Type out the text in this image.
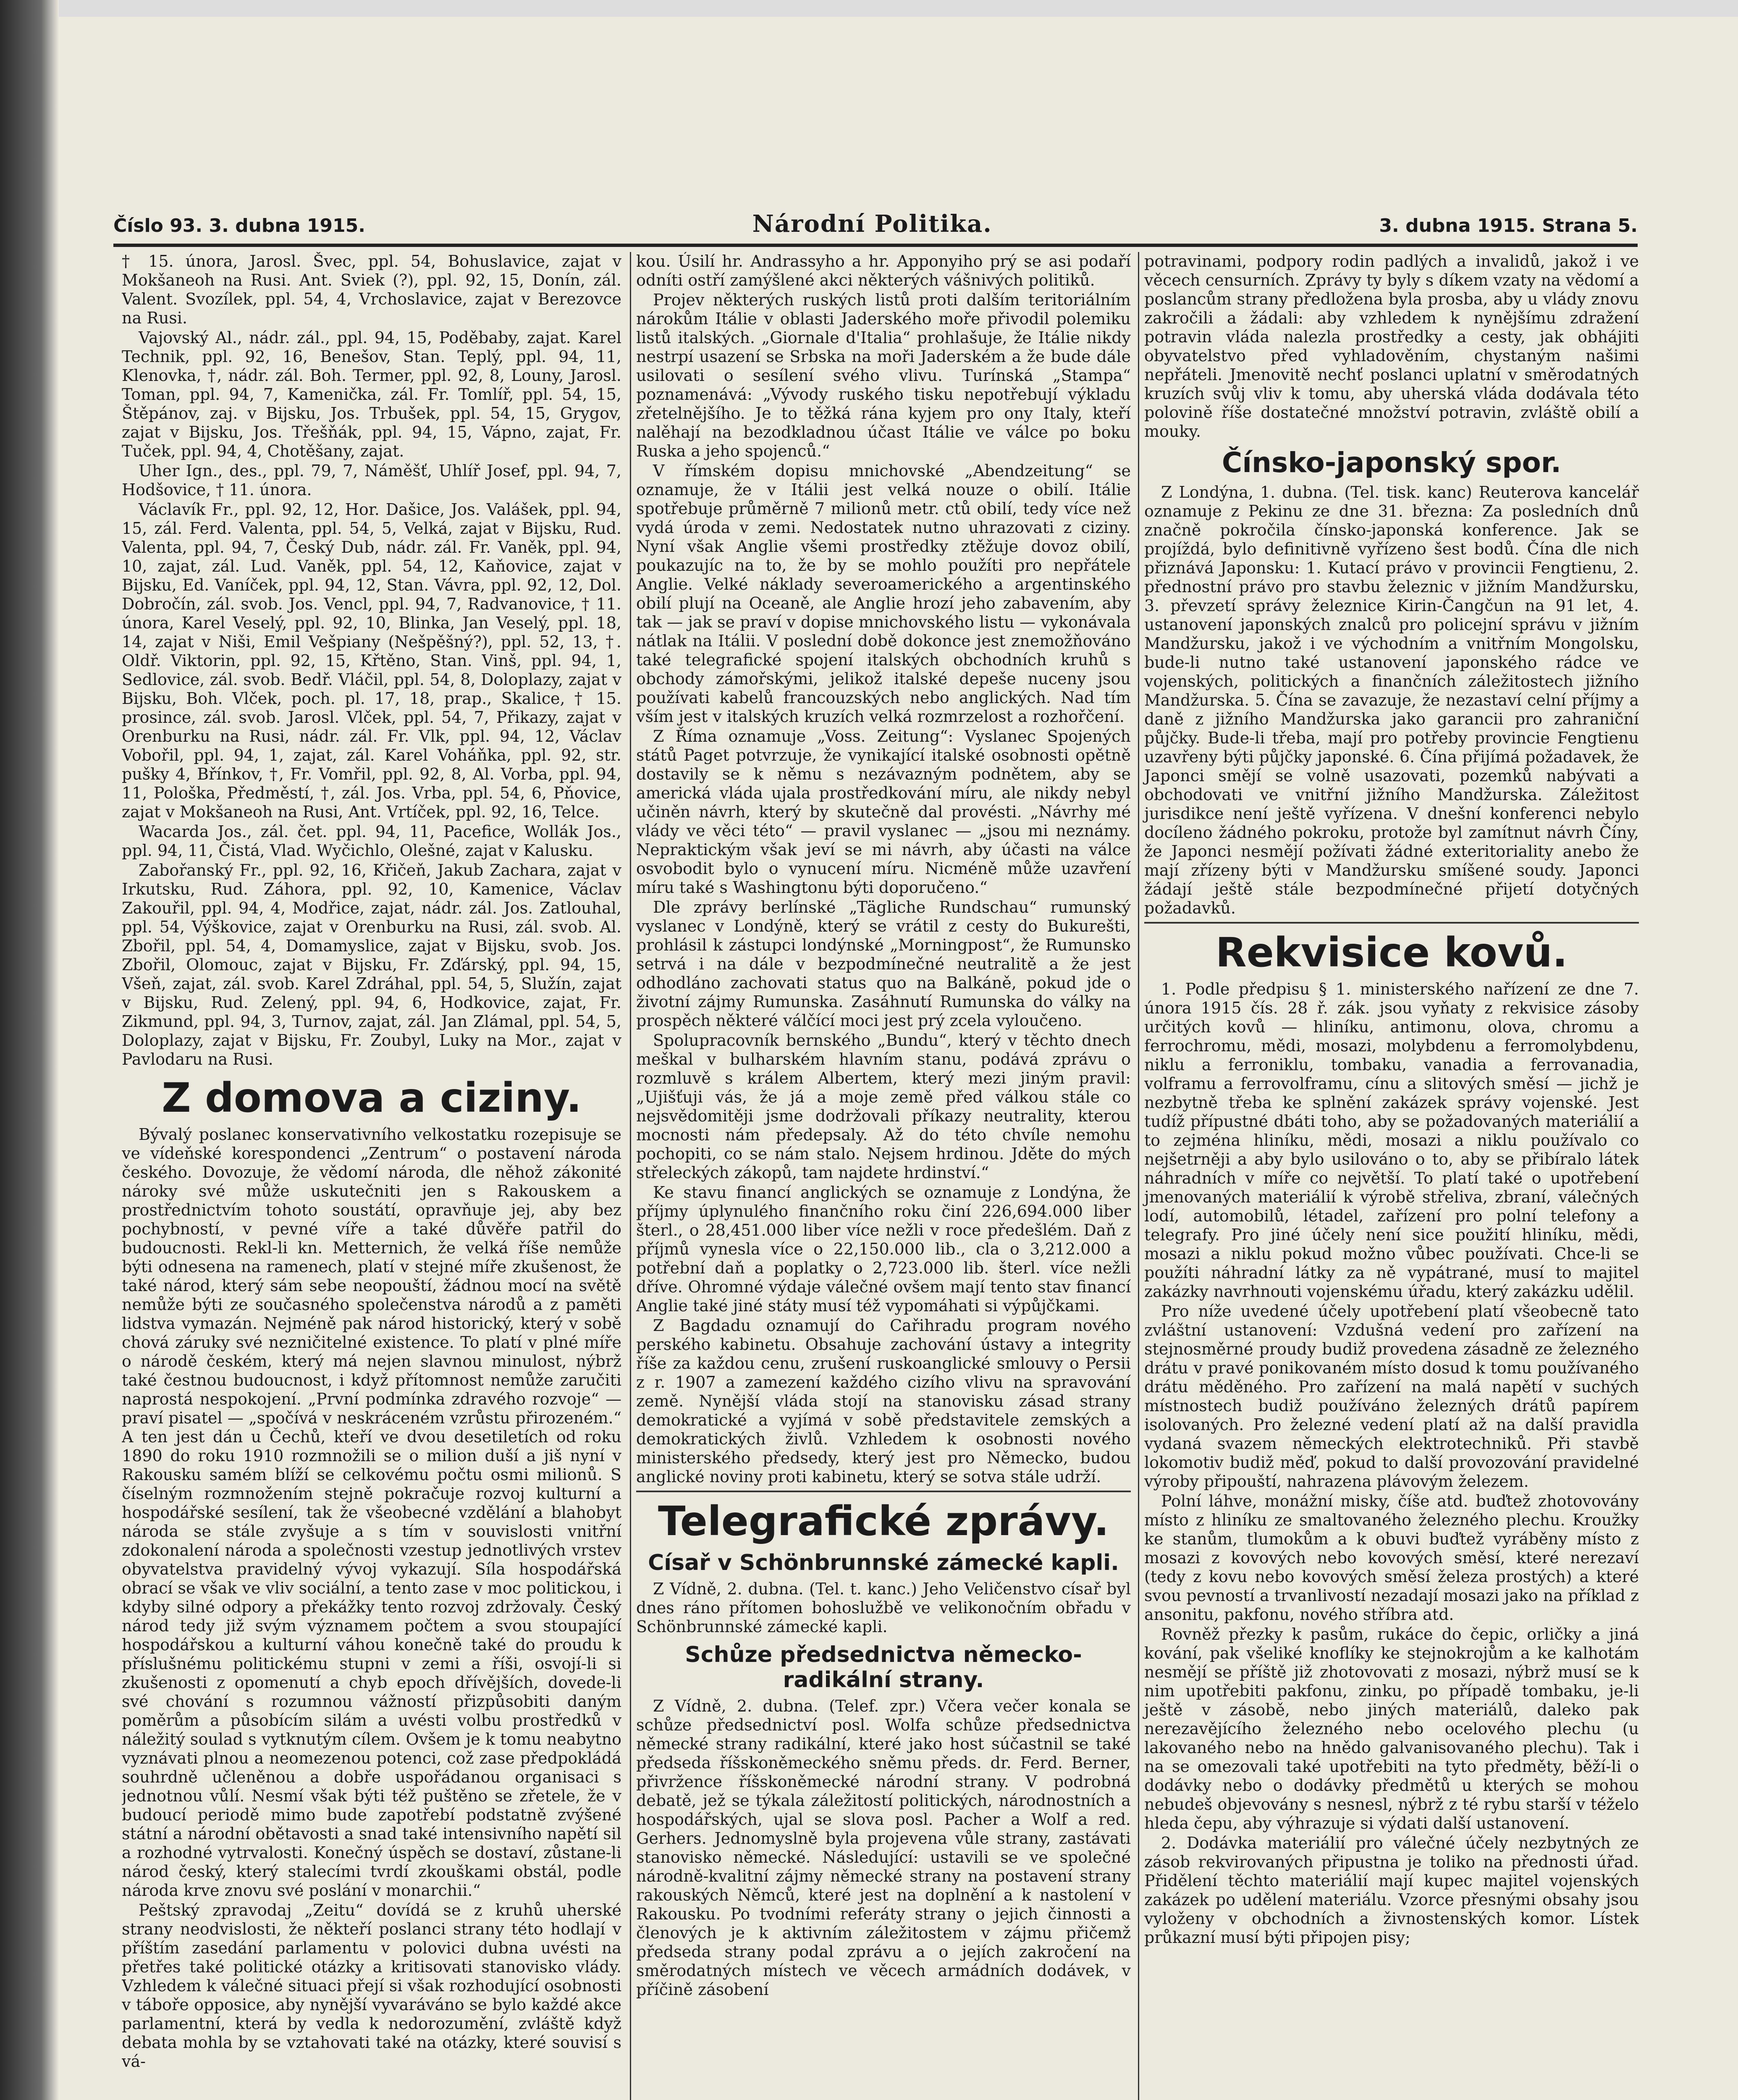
Číslo 93. 3. dubna 1915.	Národní Politika.	3. dubna 1915. Strana 5.

† 15. února, Jarosl. Švec, ppl. 54, Bohuslavice, zajat v Mokšaneoh na Rusi. Ant. Sviek (?), ppl. 92, 15, Donín, zál. Valent. Svozílek, ppl. 54, 4, Vrchoslavice, zajat v Berezovce na Rusi.

Vajovský Al., nádr. zál., ppl. 94, 15, Poděbaby, zajat. Karel Technik, ppl. 92, 16, Benešov, Stan. Teplý, ppl. 94, 11, Klenovka, †, nádr. zál. Boh. Termer, ppl. 92, 8, Louny, Jarosl. Toman, ppl. 94, 7, Kamenička, zál. Fr. Tomlíř, ppl. 54, 15, Štěpánov, zaj. v Bijsku, Jos. Trbušek, ppl. 54, 15, Grygov, zajat v Bijsku, Jos. Třešňák, ppl. 94, 15, Vápno, zajat, Fr. Tuček, ppl. 94, 4, Chotěšany, zajat.

Uher Ign., des., ppl. 79, 7, Náměšť, Uhlíř Josef, ppl. 94, 7, Hodšovice, † 11. února.

Václavík Fr., ppl. 92, 12, Hor. Dašice, Jos. Valášek, ppl. 94, 15, zál. Ferd. Valenta, ppl. 54, 5, Velká, zajat v Bijsku, Rud. Valenta, ppl. 94, 7, Český Dub, nádr. zál. Fr. Vaněk, ppl. 94, 10, zajat, zál. Lud. Vaněk, ppl. 54, 12, Kaňovice, zajat v Bijsku, Ed. Vaníček, ppl. 94, 12, Stan. Vávra, ppl. 92, 12, Dol. Dobročín, zál. svob. Jos. Vencl, ppl. 94, 7, Radvanovice, † 11. února, Karel Veselý, ppl. 92, 10, Blinka, Jan Veselý, ppl. 18, 14, zajat v Niši, Emil Vešpiany (Nešpěšný?), ppl. 52, 13, †. Oldř. Viktorin, ppl. 92, 15, Křtěno, Stan. Vinš, ppl. 94, 1, Sedlovice, zál. svob. Bedř. Vláčil, ppl. 54, 8, Doloplazy, zajat v Bijsku, Boh. Vlček, poch. pl. 17, 18, prap., Skalice, † 15. prosince, zál. svob. Jarosl. Vlček, ppl. 54, 7, Přikazy, zajat v Orenburku na Rusi, nádr. zál. Fr. Vlk, ppl. 94, 12, Václav Vobořil, ppl. 94, 1, zajat, zál. Karel Voháňka, ppl. 92, str. pušky 4, Břínkov, †, Fr. Vomřil, ppl. 92, 8, Al. Vorba, ppl. 94, 11, Pološka, Předměstí, †, zál. Jos. Vrba, ppl. 54, 6, Pňovice, zajat v Mokšaneoh na Rusi, Ant. Vrtíček, ppl. 92, 16, Telce.

Wacarda Jos., zál. čet. ppl. 94, 11, Pacefice, Wollák Jos., ppl. 94, 11, Čistá, Vlad. Wyčichlo, Olešné, zajat v Kalusku.

Zabořanský Fr., ppl. 92, 16, Křičeň, Jakub Zachara, zajat v Irkutsku, Rud. Záhora, ppl. 92, 10, Kamenice, Václav Zakouřil, ppl. 94, 4, Modřice, zajat, nádr. zál. Jos. Zatlouhal, ppl. 54, Výškovice, zajat v Orenburku na Rusi, zál. svob. Al. Zbořil, ppl. 54, 4, Domamyslice, zajat v Bijsku, svob. Jos. Zbořil, Olomouc, zajat v Bijsku, Fr. Zďárský, ppl. 94, 15, Všeň, zajat, zál. svob. Karel Zdráhal, ppl. 54, 5, Služín, zajat v Bijsku, Rud. Zelený, ppl. 94, 6, Hodkovice, zajat, Fr. Zikmund, ppl. 94, 3, Turnov, zajat, zál. Jan Zlámal, ppl. 54, 5, Doloplazy, zajat v Bijsku, Fr. Zoubyl, Luky na Mor., zajat v Pavlodaru na Rusi.

Z domova a ciziny.

Bývalý poslanec konservativního velkostatku rozepisuje se ve vídeňské korespondenci „Zentrum“ o postavení národa českého. Dovozuje, že vědomí národa, dle něhož zákonité nároky své může uskutečniti jen s Rakouskem a prostřednictvím tohoto soustátí, opravňuje jej, aby bez pochybností, v pevné víře a také důvěře patřil do budoucnosti. Rekl-li kn. Metternich, že velká říše nemůže býti odnesena na ramenech, platí v stejné míře zkušenost, že také národ, který sám sebe neopouští, žádnou mocí na světě nemůže býti ze současného společenstva národů a z paměti lidstva vymazán. Nejméně pak národ historický, který v sobě chová záruky své nezničitelné existence. To platí v plné míře o národě českém, který má nejen slavnou minulost, nýbrž také čestnou budoucnost, i když přítomnost nemůže zaručiti naprostá nespokojení. „První podmínka zdravého rozvoje“ — praví pisatel — „spočívá v neskráceném vzrůstu přirozeném.“ A ten jest dán u Čechů, kteří ve dvou desetiletích od roku 1890 do roku 1910 rozmnožili se o milion duší a jiš nyní v Rakousku samém blíží se celkovému počtu osmi milionů. S číselným rozmnožením stejně pokračuje rozvoj kulturní a hospodářské sesílení, tak že všeobecné vzdělání a blahobyt národa se stále zvyšuje a s tím v souvislosti vnitřní zdokonalení národa a společnosti vzestup jednotlivých vrstev obyvatelstva pravidelný vývoj vykazují. Síla hospodářská obrací se však ve vliv sociální, a tento zase v moc politickou, i kdyby silné odpory a překážky tento rozvoj zdržovaly. Český národ tedy již svým významem počtem a svou stoupající hospodářskou a kulturní váhou konečně také do proudu k příslušnému politickému stupni v zemi a říši, osvojí-li si zkušenosti z opomenutí a chyb epoch dřívějších, dovede-li své chování s rozumnou vážností přizpůsobiti daným poměrům a působícím silám a uvésti volbu prostředků v náležitý soulad s vytknutým cílem. Ovšem je k tomu neabytno vyznávati plnou a neomezenou potenci, což zase předpokládá souhrdně učleněnou a dobře uspořádanou organisaci s jednotnou vůlí. Nesmí však býti též puštěno se zřetele, že v budoucí periodě mimo bude zapotřebí podstatně zvýšené státní a národní obětavosti a snad také intensivního napětí sil a rozhodné vytrvalosti. Konečný úspěch se dostaví, zůstane-li národ český, který stalecími tvrdí zkouškami obstál, podle národa krve znovu své poslání v monarchii.“

Peštský zpravodaj „Zeitu“ dovídá se z kruhů uherské strany neodvislosti, že někteří poslanci strany této hodlají v příštím zasedání parlamentu v polovici dubna uvésti na přetřes také politické otázky a kritisovati stanovisko vlády. Vzhledem k válečné situaci přejí si však rozhodující osobnosti v táboře opposice, aby nynější vyvaráváno se bylo každé akce parlamentní, která by vedla k nedorozumění, zvláště když debata mohla by se vztahovati také na otázky, které souvisí s vá-

kou. Úsilí hr. Andrassyho a hr. Apponyiho prý se asi podaří odníti ostří zamýšlené akci některých vášnivých politiků.

Projev některých ruských listů proti dalším teritoriálním nárokům Itálie v oblasti Jaderského moře přivodil polemiku listů italských. „Giornale d'Italia“ prohlašuje, že Itálie nikdy nestrpí usazení se Srbska na moři Jaderském a že bude dále usilovati o sesílení svého vlivu. Turínská „Stampa“ poznamenává: „Vývody ruského tisku nepotřebují výkladu zřetelnějšího. Je to těžká rána kyjem pro ony Italy, kteří nalěhají na bezodkladnou účast Itálie ve válce po boku Ruska a jeho spojenců.“

V římském dopisu mnichovské „Abendzeitung“ se oznamuje, že v Itálii jest velká nouze o obilí. Itálie spotřebuje průměrně 7 milionů metr. ctů obilí, tedy více než vydá úroda v zemi. Nedostatek nutno uhrazovati z ciziny. Nyní však Anglie všemi prostředky ztěžuje dovoz obilí, poukazujíc na to, že by se mohlo použíti pro nepřátele Anglie. Velké náklady severoamerického a argentinského obilí plují na Oceaně, ale Anglie hrozí jeho zabavením, aby tak — jak se praví v dopise mnichovského listu — vykonávala nátlak na Itálii. V poslední době dokonce jest znemožňováno také telegrafické spojení italských obchodních kruhů s obchody zámořskými, jelikož italské depeše nuceny jsou používati kabelů francouzských nebo anglických. Nad tím vším jest v italských kruzích velká rozmrzelost a rozhořčení.

Z Říma oznamuje „Voss. Zeitung“: Vyslanec Spojených států Paget potvrzuje, že vynikající italské osobnosti opětně dostavily se k němu s nezávazným podnětem, aby se americká vláda ujala prostředkování míru, ale nikdy nebyl učiněn návrh, který by skutečně dal provésti. „Návrhy mé vlády ve věci této“ — pravil vyslanec — „jsou mi neznámy. Nepraktickým však jeví se mi návrh, aby účasti na válce osvobodit bylo o vynucení míru. Nicméně může uzavření míru také s Washingtonu býti doporučeno.“

Dle zprávy berlínské „Tägliche Rundschau“ rumunský vyslanec v Londýně, který se vrátil z cesty do Bukurešti, prohlásil k zástupci londýnské „Morningpost“, že Rumunsko setrvá i na dále v bezpodmínečné neutralitě a že jest odhodláno zachovati status quo na Balkáně, pokud jde o životní zájmy Rumunska. Zasáhnutí Rumunska do války na prospěch některé válčící moci jest prý zcela vyloučeno.

Spolupracovník bernského „Bundu“, který v těchto dnech meškal v bulharském hlavním stanu, podává zprávu o rozmluvě s králem Albertem, který mezi jiným pravil: „Ujišťuji vás, že já a moje země před válkou stále co nejsvědomitěji jsme dodržovali příkazy neutrality, kterou mocnosti nám předepsaly. Až do této chvíle nemohu pochopiti, co se nám stalo. Nejsem hrdinou. Jděte do mých střeleckých zákopů, tam najdete hrdinství.“

Ke stavu financí anglických se oznamuje z Londýna, že příjmy úplynulého finančního roku činí 226,694.000 liber šterl., o 28,451.000 liber více nežli v roce předešlém. Daň z příjmů vynesla více o 22,150.000 lib., cla o 3,212.000 a potřební daň a poplatky o 2,723.000 lib. šterl. více nežli dříve. Ohromné výdaje válečné ovšem mají tento stav financí Anglie také jiné státy musí též vypomáhati si výpůjčkami.

Z Bagdadu oznamují do Cařihradu program nového perského kabinetu. Obsahuje zachování ústavy a integrity říše za každou cenu, zrušení ruskoanglické smlouvy o Persii z r. 1907 a zamezení každého cizího vlivu na spravování země. Nynější vláda stojí na stanovisku zásad strany demokratické a vyjímá v sobě představitele zemských a demokratických živlů. Vzhledem k osobnosti nového ministerského předsedy, který jest pro Německo, budou anglické noviny proti kabinetu, který se sotva stále udrží.

Telegrafické zprávy.
Císař v Schönbrunnské zámecké kapli.

Z Vídně, 2. dubna. (Tel. t. kanc.) Jeho Veličenstvo císař byl dnes ráno přítomen bohoslužbě ve velikonočním obřadu v Schönbrunnské zámecké kapli.

Schůze předsednictva německo-radikální strany.

Z Vídně, 2. dubna. (Telef. zpr.) Včera večer konala se schůze předsednictví posl. Wolfa schůze předsednictva německé strany radikální, které jako host súčastnil se také předseda říšskoněmeckého sněmu předs. dr. Ferd. Berner, přivržence říšskoněmecké národní strany. V podrobná debatě, jež se týkala záležitostí politických, národnostních a hospodářských, ujal se slova posl. Pacher a Wolf a red. Gerhers. Jednomyslně byla projevena vůle strany, zastávati stanovisko německé. Následující: ustavili se ve společné národně-kvalitní zájmy německé strany na postavení strany rakouských Němců, které jest na doplnění a k nastolení v Rakousku. Po tvodními referáty strany o jejich činnosti a členových je k aktivním záležitostem v zájmu přičemž předseda strany podal zprávu a o jejích zakročení na směrodatných místech ve věcech armádních dodávek, v příčině zásobení

potravinami, podpory rodin padlých a invalidů, jakož i ve věcech censurních. Zprávy ty byly s díkem vzaty na vědomí a poslancům strany předložena byla prosba, aby u vlády znovu zakročili a žádali: aby vzhledem k nynějšímu zdražení potravin vláda nalezla prostředky a cesty, jak obhájiti obyvatelstvo před vyhladověním, chystaným našimi nepřáteli. Jmenovitě nechť poslanci uplatní v směrodatných kruzích svůj vliv k tomu, aby uherská vláda dodávala této polovině říše dostatečné množství potravin, zvláště obilí a mouky.

Čínsko-japonský spor.

Z Londýna, 1. dubna. (Tel. tisk. kanc) Reuterova kancelář oznamuje z Pekinu ze dne 31. března: Za posledních dnů značně pokročila čínsko-japonská konference. Jak se projíždá, bylo definitivně vyřízeno šest bodů. Čína dle nich přiznává Japonsku: 1. Kutací právo v provincii Fengtienu, 2. přednostní právo pro stavbu železnic v jižním Mandžursku, 3. převzetí správy železnice Kirin-Čangčun na 91 let, 4. ustanovení japonských znalců pro policejní správu v jižním Mandžursku, jakož i ve východním a vnitřním Mongolsku, bude-li nutno také ustanovení japonského rádce ve vojenských, politických a finančních záležitostech jižního Mandžurska. 5. Čína se zavazuje, že nezastaví celní příjmy a daně z jižního Mandžurska jako garancii pro zahraniční půjčky. Bude-li třeba, mají pro potřeby provincie Fengtienu uzavřeny býti půjčky japonské. 6. Čína přijímá požadavek, že Japonci smějí se volně usazovati, pozemků nabývati a obchodovati ve vnitřní jižního Mandžurska. Záležitost jurisdikce není ještě vyřízena. V dnešní konferenci nebylo docíleno žádného pokroku, protože byl zamítnut návrh Číny, že Japonci nesmějí požívati žádné exteritoriality anebo že mají zřízeny býti v Mandžursku smíšené soudy. Japonci žádají ještě stále bezpodmínečné přijetí dotyčných požadavků.

Rekvisice kovů.

1. Podle předpisu § 1. ministerského nařízení ze dne 7. února 1915 čís. 28 ř. zák. jsou vyňaty z rekvisice zásoby určitých kovů — hliníku, antimonu, olova, chromu a ferrochromu, mědi, mosazi, molybdenu a ferromolybdenu, niklu a ferroniklu, tombaku, vanadia a ferrovanadia, volframu a ferrovolframu, cínu a slitových směsí — jichž je nezbytně třeba ke splnění zakázek správy vojenské. Jest tudíž přípustné dbáti toho, aby se požadovaných materiálií a to zejména hliníku, mědi, mosazi a niklu používalo co nejšetrněji a aby bylo usilováno o to, aby se přibíralo látek náhradních v míře co největší. To platí také o upotřebení jmenovaných materiálií k výrobě střeliva, zbraní, válečných lodí, automobilů, létadel, zařízení pro polní telefony a telegrafy. Pro jiné účely není sice použití hliníku, mědi, mosazi a niklu pokud možno vůbec používati. Chce-li se použíti náhradní látky za ně vypátrané, musí to majitel zakázky navrhnouti vojenskému úřadu, který zakázku udělil.

Pro níže uvedené účely upotřebení platí všeobecně tato zvláštní ustanovení: Vzdušná vedení pro zařízení na stejnosměrné proudy budiž provedena zásadně ze železného drátu v pravé ponikovaném místo dosud k tomu používaného drátu měděného. Pro zařízení na malá napětí v suchých místnostech budiž používáno železných drátů papírem isolovaných. Pro železné vedení platí až na další pravidla vydaná svazem německých elektrotechniků. Při stavbě lokomotiv budiž měď, pokud to další provozování pravidelné výroby připouští, nahrazena plávovým železem.

Polní láhve, monážní misky, číše atd. buďtež zhotovovány místo z hliníku ze smaltovaného železného plechu. Kroužky ke stanům, tlumokům a k obuvi buďtež vyráběny místo z mosazi z kovových nebo kovových směsí, které nerezaví (tedy z kovu nebo kovových směsí železa prostých) a které svou pevností a trvanlivostí nezadají mosazi jako na příklad z ansonitu, pakfonu, nového stříbra atd.

Rovněž přezky k pasům, rukáce do čepic, orličky a jiná kování, pak všeliké knoflíky ke stejnokrojům a ke kalhotám nesmějí se příště již zhotovovati z mosazi, nýbrž musí se k nim upotřebiti pakfonu, zinku, po případě tombaku, je-li ještě v zásobě, nebo jiných materiálů, daleko pak nerezavějícího železného nebo ocelového plechu (u lakovaného nebo na hnědo galvanisovaného plechu). Tak i na se omezovali také upotřebiti na tyto předměty, běží-li o dodávky nebo o dodávky předmětů u kterých se mohou nebudeš objevovány s nesnesl, nýbrž z té rybu starší v téželo hleda čepu, aby výhrazuje si výdati další ustanovení.

2. Dodávka materiálií pro válečné účely nezbytných ze zásob rekvirovaných připustna je toliko na přednosti úřad. Přidělení těchto materiálií mají kupec majitel vojenských zakázek po udělení materiálu. Vzorce přesnými obsahy jsou vyloženy v obchodních a živnostenských komor. Lístek průkazní musí býti připojen pisy;
